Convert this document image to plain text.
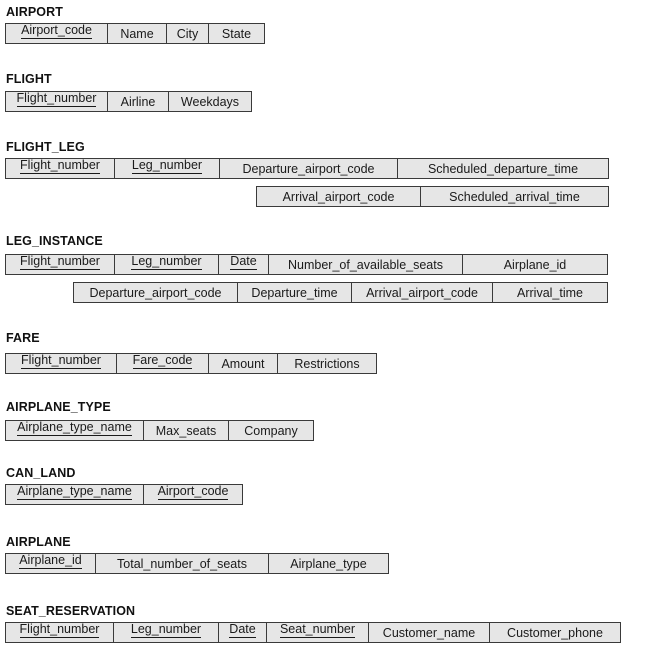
AIRPORT
Airport_code Name City State
FLIGHT
Flight_number Airline Weekdays
FLIGHT_LEG
Flight_number	Leg_number	Departure_airport_code	Scheduled_departure_time
Arrival_airport_code	Scheduled_arrival_time
LEG_INSTANCE
Flight_number	Leg_number Date	Number_of_available_seats	Airplane_id
Departure_airport_code Departure_time Arrival_airport_code	Arrival_time
FARE
Flight_number	Fare_code Amount Restrictions
AIRPLANE_TYPE
Airplane_type_name Max_seats Company
CAN_LAND
Airplane_type_name Airport_code
AIRPLANE
Airplane_id	Total_number_of_seats	Airplane_type
SEAT_RESERVATION
Flight_number	Leg_number Date Seat_number Customer_name	Customer_phone
